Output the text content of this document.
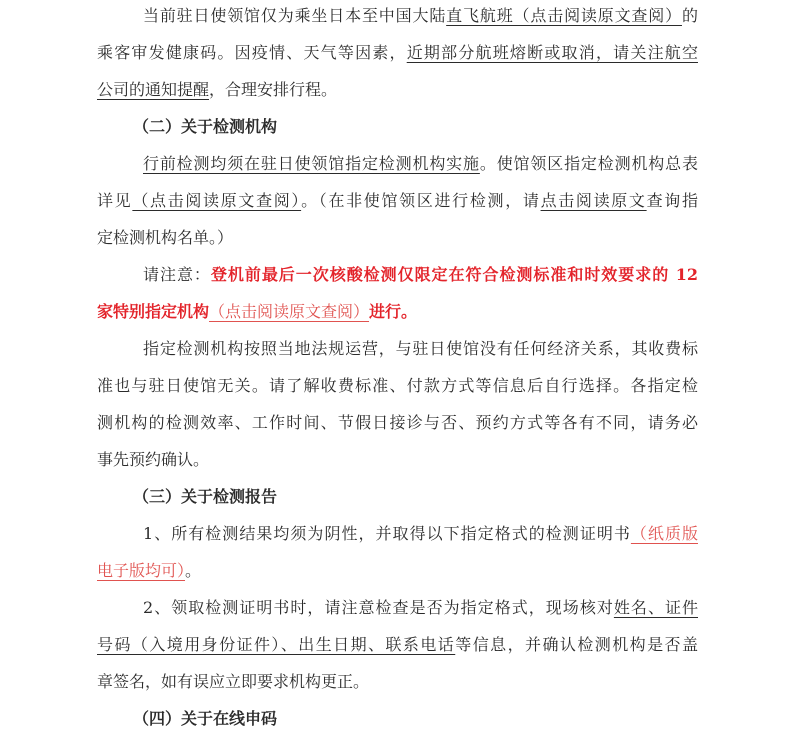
当前驻日使领馆仅为乘坐日本至中国大陆直飞航班（点击阅读原文查阅）的
乘客审发健康码。因疫情、天气等因素，近期部分航班熔断或取消，请关注航空
公司的通知提醒，合理安排行程。
（二）关于检测机构
行前检测均须在驻日使领馆指定检测机构实施。使馆领区指定检测机构总表
详见（点击阅读原文查阅）。（在非使馆领区进行检测，请点击阅读原文查询指
定检测机构名单。）
请注意：登机前最后一次核酸检测仅限定在符合检测标准和时效要求的 12
家特别指定机构（点击阅读原文查阅）进行。
指定检测机构按照当地法规运营，与驻日使馆没有任何经济关系，其收费标
准也与驻日使馆无关。请了解收费标准、付款方式等信息后自行选择。各指定检
测机构的检测效率、工作时间、节假日接诊与否、预约方式等各有不同，请务必
事先预约确认。
（三）关于检测报告
1、所有检测结果均须为阴性，并取得以下指定格式的检测证明书（纸质版
电子版均可）。
2、领取检测证明书时，请注意检查是否为指定格式，现场核对姓名、证件
号码（入境用身份证件）、出生日期、联系电话等信息，并确认检测机构是否盖
章签名，如有误应立即要求机构更正。
（四）关于在线申码
